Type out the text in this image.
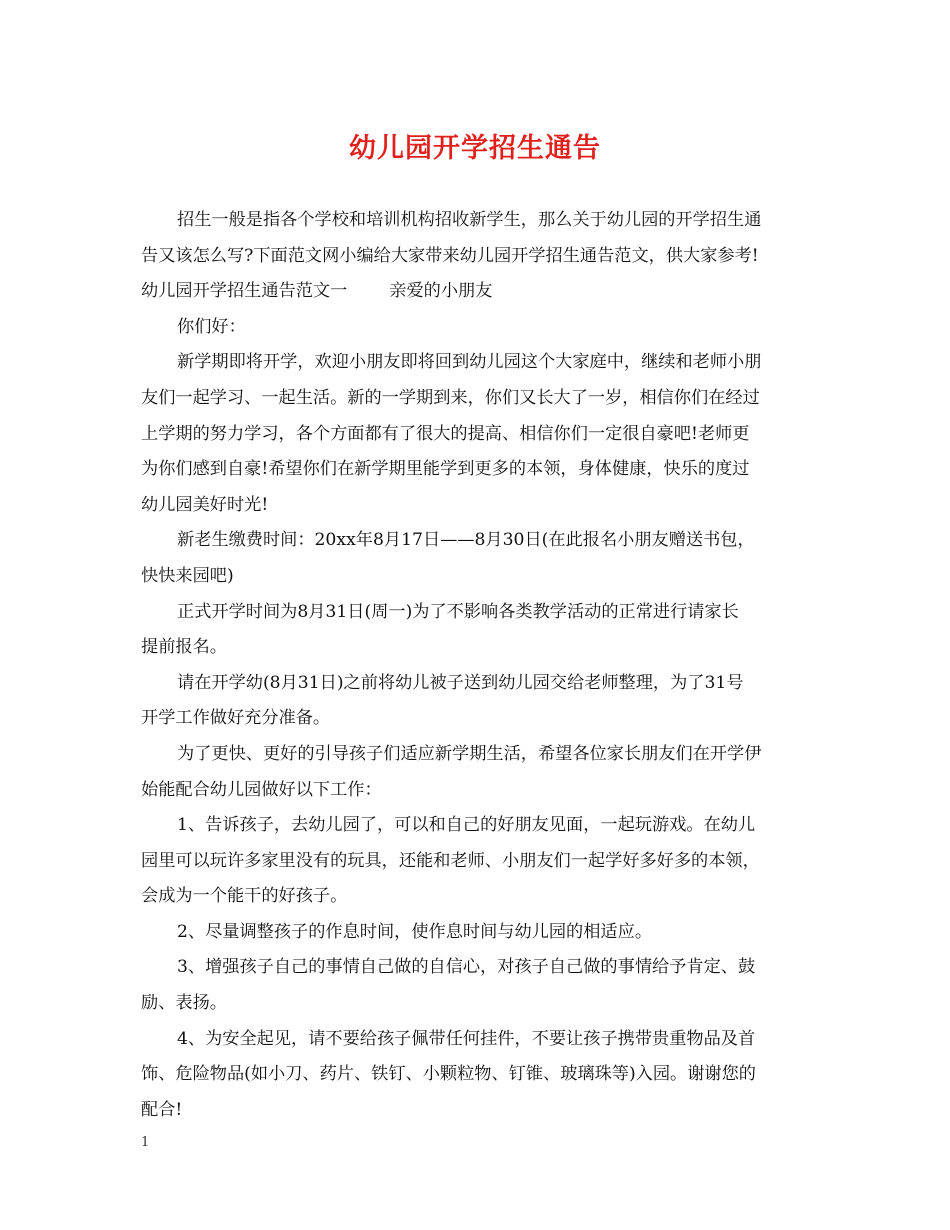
幼儿园开学招生通告
招生一般是指各个学校和培训机构招收新学生，那么关于幼儿园的开学招生通
告又该怎么写?下面范文网小编给大家带来幼儿园开学招生通告范文，供大家参考!
幼儿园开学招生通告范文一 亲爱的小朋友
你们好：
新学期即将开学，欢迎小朋友即将回到幼儿园这个大家庭中，继续和老师小朋
友们一起学习、一起生活。新的一学期到来，你们又长大了一岁，相信你们在经过
上学期的努力学习，各个方面都有了很大的提高、相信你们一定很自豪吧!老师更
为你们感到自豪!希望你们在新学期里能学到更多的本领，身体健康，快乐的度过
幼儿园美好时光!
新老生缴费时间：20xx年8月17日——8月30日(在此报名小朋友赠送书包，
快快来园吧)
正式开学时间为8月31日(周一)为了不影响各类教学活动的正常进行请家长
提前报名。
请在开学幼(8月31日)之前将幼儿被子送到幼儿园交给老师整理，为了31号
开学工作做好充分准备。
为了更快、更好的引导孩子们适应新学期生活，希望各位家长朋友们在开学伊
始能配合幼儿园做好以下工作：
1、告诉孩子，去幼儿园了，可以和自己的好朋友见面，一起玩游戏。在幼儿
园里可以玩许多家里没有的玩具，还能和老师、小朋友们一起学好多好多的本领，
会成为一个能干的好孩子。
2、尽量调整孩子的作息时间，使作息时间与幼儿园的相适应。
3、增强孩子自己的事情自己做的自信心，对孩子自己做的事情给予肯定、鼓
励、表扬。
4、为安全起见，请不要给孩子佩带任何挂件，不要让孩子携带贵重物品及首
饰、危险物品(如小刀、药片、铁钉、小颗粒物、钉锥、玻璃珠等)入园。谢谢您的
配合!
1
